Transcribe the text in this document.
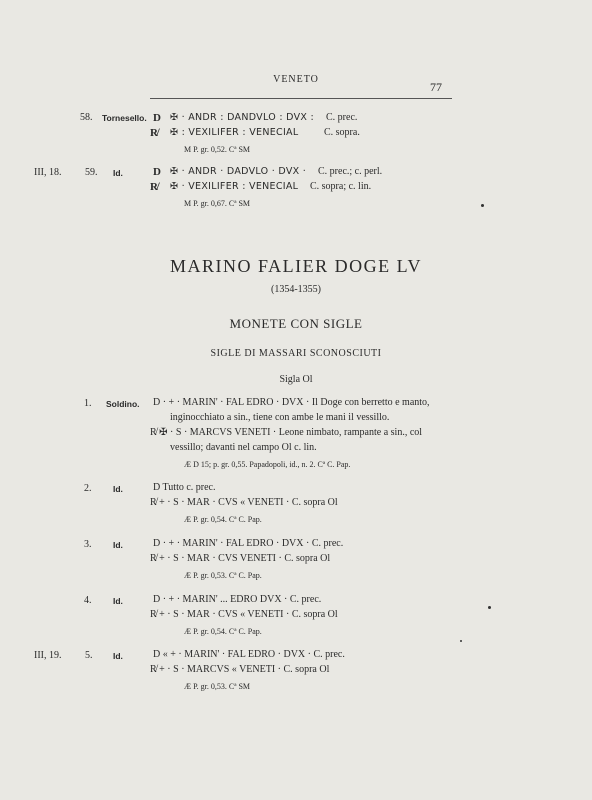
VENETO
77
58. Tornesello. D ✠ · ANDR : DANDVLO : DVX : C. prec.
R̸ ✠ : VEXILIFER : VENECIAL	C. sopra.
M P. gr. 0,52. Cª SM
III, 18. 59. Id.	D ✠ · ANDR · DADVLO · DVX · C. prec.; c. perl.
R̸ ✠ · VEXILIFER : VENECIAL C. sopra; c. lin.
M P. gr. 0,67. Cª SM
MARINO FALIER DOGE LV
(1354-1355)
MONETE CON SIGLE
SIGLE DI MASSARI SCONOSCIUTI
Sigla Ol
1. Soldino. D · + · MARIN' · FAL EDRO · DVX · Il Doge con berretto e manto,
inginocchiato a sin., tiene con ambe le mani il vessillo.
R̸ ✠ · S · MARCVS VENETI · Leone nimbato, rampante a sin., col
vessillo; davanti nel campo Ol c. lin.
Æ D 15; p. gr. 0,55. Papadopoli, id., n. 2. Cª C. Pap.
2.	Id.	D Tutto c. prec.
R̸ + · S · MAR · CVS « VENETI · C. sopra Ol
Æ P. gr. 0,54. Cª C. Pap.
3.	Id.	D · + · MARIN' · FAL EDRO · DVX · C. prec.
R̸ + · S · MAR · CVS VENETI · C. sopra Ol
Æ P. gr. 0,53. Cª C. Pap.
4.	Id.	D · + · MARIN' ... EDRO DVX · C. prec.
R̸ + · S · MAR · CVS « VENETI · C. sopra Ol
Æ P. gr. 0,54. Cª C. Pap.
III, 19. 5. Id.	D « + · MARIN' · FAL EDRO · DVX · C. prec.
R̸ + · S · MARCVS « VENETI · C. sopra Ol
Æ P. gr. 0,53. Cª SM
